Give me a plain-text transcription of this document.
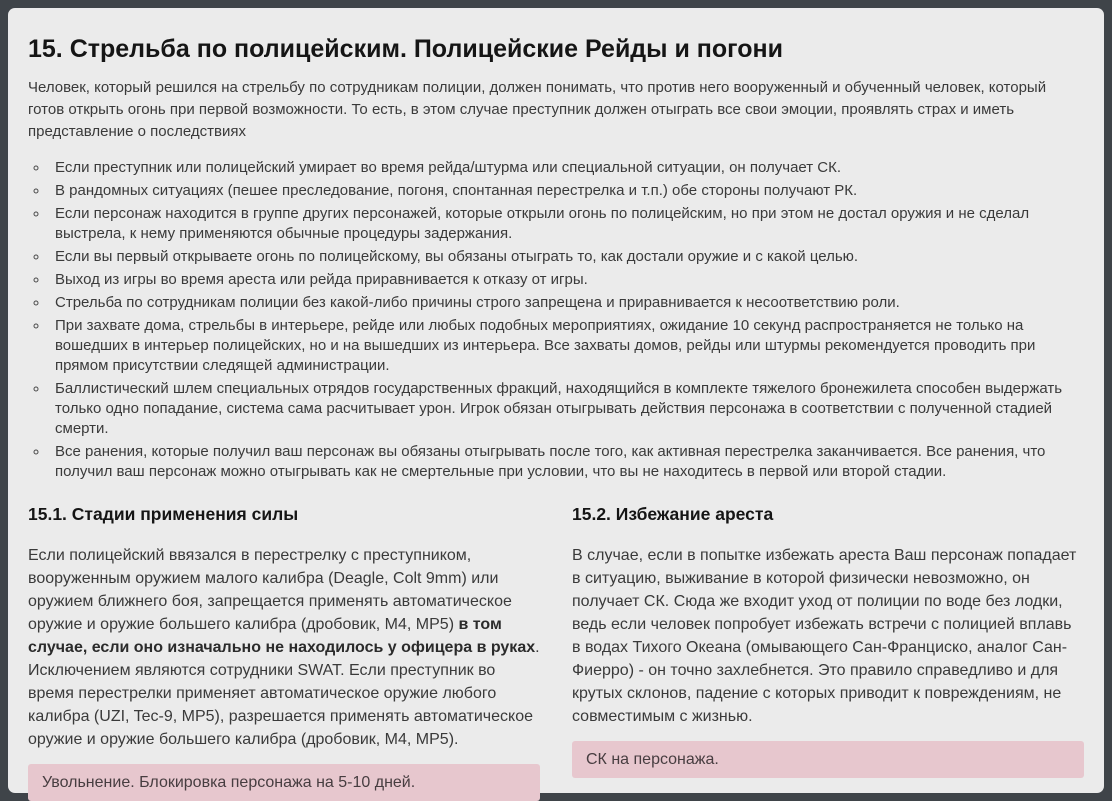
15. Стрельба по полицейским. Полицейские Рейды и погони

Человек, который решился на стрельбу по сотрудникам полиции, должен понимать, что против него вооруженный и обученный человек, который готов открыть огонь при первой возможности. То есть, в этом случае преступник должен отыграть все свои эмоции, проявлять страх и иметь представление о последствиях

◦ Если преступник или полицейский умирает во время рейда/штурма или специальной ситуации, он получает СК.
◦ В рандомных ситуациях (пешее преследование, погоня, спонтанная перестрелка и т.п.) обе стороны получают РК.
◦ Если персонаж находится в группе других персонажей, которые открыли огонь по полицейским, но при этом не достал оружия и не сделал выстрела, к нему применяются обычные процедуры задержания.
◦ Если вы первый открываете огонь по полицейскому, вы обязаны отыграть то, как достали оружие и с какой целью.
◦ Выход из игры во время ареста или рейда приравнивается к отказу от игры.
◦ Стрельба по сотрудникам полиции без какой-либо причины строго запрещена и приравнивается к несоответствию роли.
◦ При захвате дома, стрельбы в интерьере, рейде или любых подобных мероприятиях, ожидание 10 секунд распространяется не только на вошедших в интерьер полицейских, но и на вышедших из интерьера. Все захваты домов, рейды или штурмы рекомендуется проводить при прямом присутствии следящей администрации.
◦ Баллистический шлем специальных отрядов государственных фракций, находящийся в комплекте тяжелого бронежилета способен выдержать только одно попадание, система сама расчитывает урон. Игрок обязан отыгрывать действия персонажа в соответствии с полученной стадией смерти.
◦ Все ранения, которые получил ваш персонаж вы обязаны отыгрывать после того, как активная перестрелка заканчивается. Все ранения, что получил ваш персонаж можно отыгрывать как не смертельные при условии, что вы не находитесь в первой или второй стадии.
15.1. Стадии применения силы

Если полицейский ввязался в перестрелку с преступником, вооруженным оружием малого калибра (Deagle, Colt 9mm) или оружием ближнего боя, запрещается применять автоматическое оружие и оружие большего калибра (дробовик, M4, MP5) в том случае, если оно изначально не находилось у офицера в руках. Исключением являются сотрудники SWAT. Если преступник во время перестрелки применяет автоматическое оружие любого калибра (UZI, Tec-9, MP5), разрешается применять автоматическое оружие и оружие большего калибра (дробовик, M4, MP5).

Увольнение. Блокировка персонажа на 5-10 дней.
15.2. Избежание ареста

В случае, если в попытке избежать ареста Ваш персонаж попадает в ситуацию, выживание в которой физически невозможно, он получает СК. Сюда же входит уход от полиции по воде без лодки, ведь если человек попробует избежать встречи с полицией вплавь в водах Тихого Океана (омывающего Сан-Франциско, аналог Сан-Фиерро) - он точно захлебнется. Это правило справедливо и для крутых склонов, падение с которых приводит к повреждениям, не совместимым с жизнью.

СК на персонажа.
